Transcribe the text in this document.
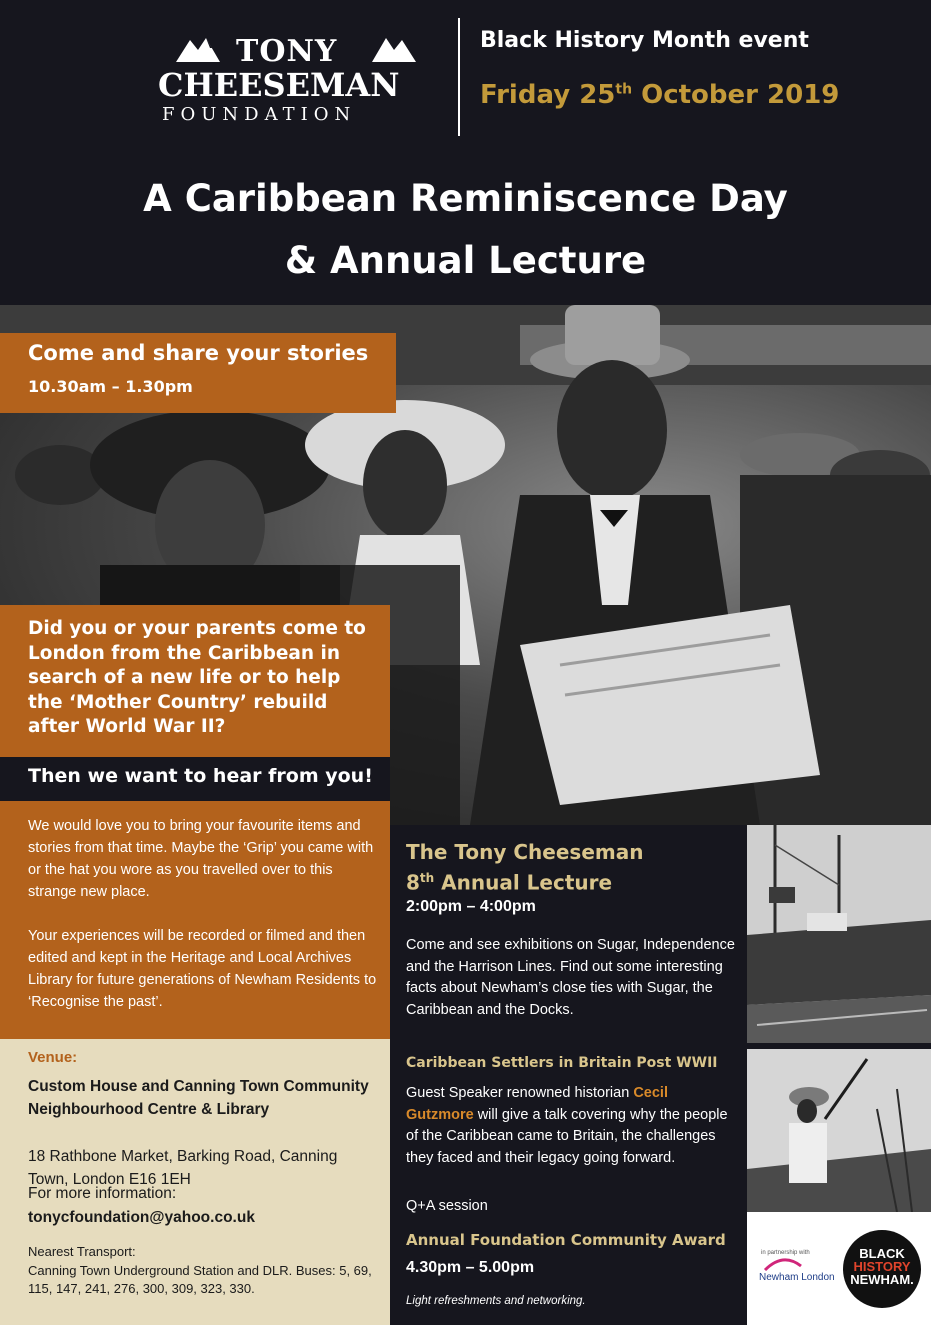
TONY
CHEESEMAN
FOUNDATION
Black History Month event
Friday 25th October 2019
A Caribbean Reminiscence Day
& Annual Lecture
Come and share your stories
10.30am – 1.30pm
Did you or your parents come to London from the Caribbean in search of a new life or to help the ‘Mother Country’ rebuild after World War II?
Then we want to hear from you!
We would love you to bring your favourite items and stories from that time. Maybe the ‘Grip’ you came with or the hat you wore as you travelled over to this strange new place.
Your experiences will be recorded or filmed and then edited and kept in the Heritage and Local Archives Library for future generations of Newham Residents to ‘Recognise the past’.
Venue:
Custom House and Canning Town Community Neighbourhood Centre & Library
18 Rathbone Market, Barking Road, Canning Town, London E16 1EH
For more information:
tonycfoundation@yahoo.co.uk
Nearest Transport:
Canning Town Underground Station and DLR. Buses: 5, 69, 115, 147, 241, 276, 300, 309, 323, 330.
The Tony Cheeseman
8th Annual Lecture
2:00pm – 4:00pm
Come and see exhibitions on Sugar, Independence and the Harrison Lines. Find out some interesting facts about Newham’s close ties with Sugar, the Caribbean and the Docks.
Caribbean Settlers in Britain Post WWII
Guest Speaker renowned historian Cecil Gutzmore will give a talk covering why the people of the Caribbean came to Britain, the challenges they faced and their legacy going forward.
Q+A session
Annual Foundation Community Award
4.30pm – 5.00pm
Light refreshments and networking.
in partnership with
Newham London
BLACK
HISTORY
NEWHAM.
